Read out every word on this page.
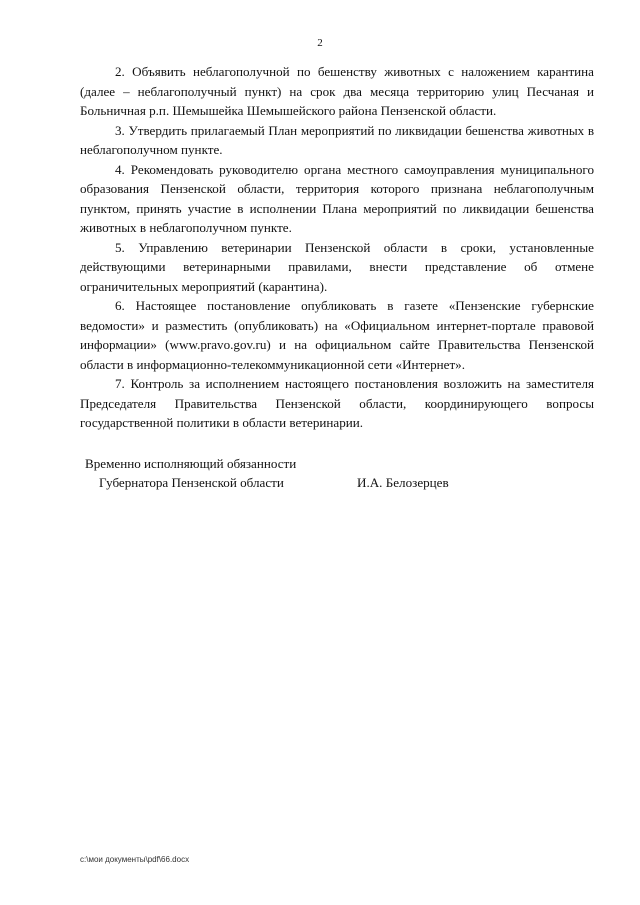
2

2. Объявить неблагополучной по бешенству животных с наложением карантина (далее – неблагополучный пункт) на срок два месяца территорию улиц Песчаная и Больничная р.п. Шемышейка Шемышейского района Пензенской области.

3. Утвердить прилагаемый План мероприятий по ликвидации бешенства животных в неблагополучном пункте.

4. Рекомендовать руководителю органа местного самоуправления муниципального образования Пензенской области, территория которого признана неблагополучным пунктом, принять участие в исполнении Плана мероприятий по ликвидации бешенства животных в неблагополучном пункте.

5. Управлению ветеринарии Пензенской области в сроки, установленные действующими ветеринарными правилами, внести представление об отмене ограничительных мероприятий (карантина).

6. Настоящее постановление опубликовать в газете «Пензенские губернские ведомости» и разместить (опубликовать) на «Официальном интернет-портале правовой информации» (www.pravo.gov.ru) и на официальном сайте Правительства Пензенской области в информационно-телекоммуникационной сети «Интернет».

7. Контроль за исполнением настоящего постановления возложить на заместителя Председателя Правительства Пензенской области, координирующего вопросы государственной политики в области ветеринарии.

Временно исполняющий обязанности
Губернатора Пензенской области	И.А. Белозерцев
c:\мои документы\pdf\66.docx
